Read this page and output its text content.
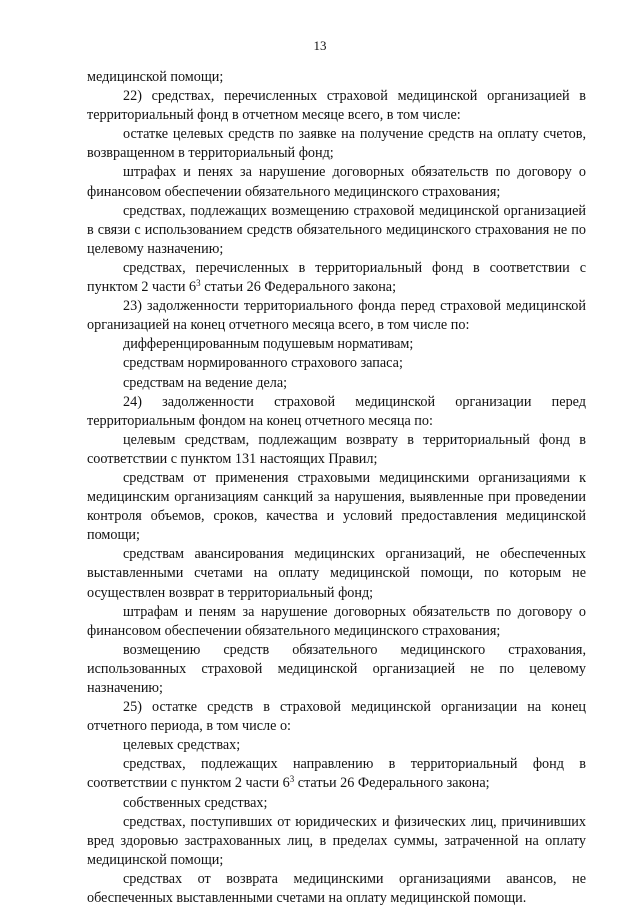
13

медицинской помощи;

22) средствах, перечисленных страховой медицинской организацией в территориальный фонд в отчетном месяце всего, в том числе:

остатке целевых средств по заявке на получение средств на оплату счетов, возвращенном в территориальный фонд;

штрафах и пенях за нарушение договорных обязательств по договору о финансовом обеспечении обязательного медицинского страхования;

средствах, подлежащих возмещению страховой медицинской организацией в связи с использованием средств обязательного медицинского страхования не по целевому назначению;

средствах, перечисленных в территориальный фонд в соответствии с пунктом 2 части $6^3$ статьи 26 Федерального закона;

23) задолженности территориального фонда перед страховой медицинской организацией на конец отчетного месяца всего, в том числе по:

дифференцированным подушевым нормативам;

средствам нормированного страхового запаса;

средствам на ведение дела;

24) задолженности страховой медицинской организации перед территориальным фондом на конец отчетного месяца по:

целевым средствам, подлежащим возврату в территориальный фонд в соответствии с пунктом 131 настоящих Правил;

средствам от применения страховыми медицинскими организациями к медицинским организациям санкций за нарушения, выявленные при проведении контроля объемов, сроков, качества и условий предоставления медицинской помощи;

средствам авансирования медицинских организаций, не обеспеченных выставленными счетами на оплату медицинской помощи, по которым не осуществлен возврат в территориальный фонд;

штрафам и пеням за нарушение договорных обязательств по договору о финансовом обеспечении обязательного медицинского страхования;

возмещению средств обязательного медицинского страхования, использованных страховой медицинской организацией не по целевому назначению;

25) остатке средств в страховой медицинской организации на конец отчетного периода, в том числе о:

целевых средствах;

средствах, подлежащих направлению в территориальный фонд в соответствии с пунктом 2 части $6^3$ статьи 26 Федерального закона;

собственных средствах;

средствах, поступивших от юридических и физических лиц, причинивших вред здоровью застрахованных лиц, в пределах суммы, затраченной на оплату медицинской помощи;

средствах от возврата медицинскими организациями авансов, не обеспеченных выставленными счетами на оплату медицинской помощи.
